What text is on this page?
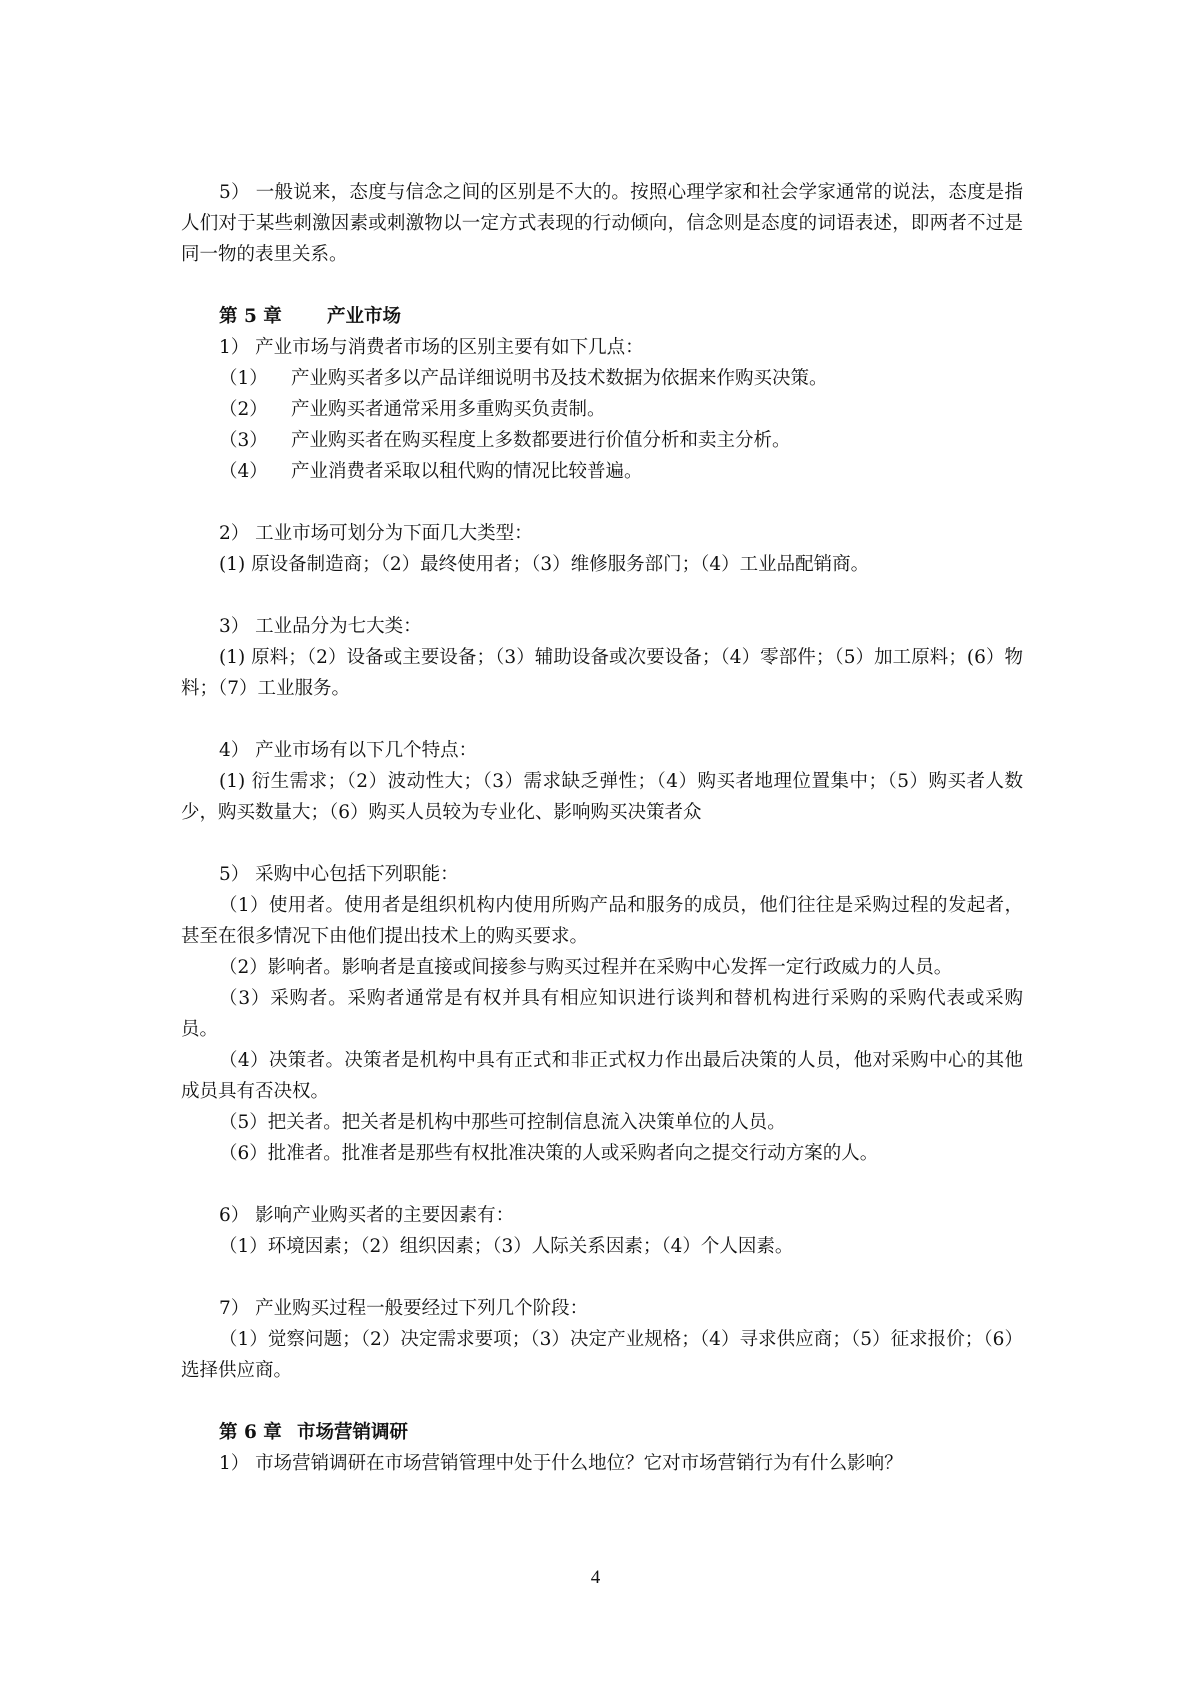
5） 一般说来，态度与信念之间的区别是不大的。按照心理学家和社会学家通常的说法，态度是指人们对于某些刺激因素或刺激物以一定方式表现的行动倾向，信念则是态度的词语表述，即两者不过是同一物的表里关系。

第 5 章 产业市场

1） 产业市场与消费者市场的区别主要有如下几点：

（1） 产业购买者多以产品详细说明书及技术数据为依据来作购买决策。
（2） 产业购买者通常采用多重购买负责制。
（3） 产业购买者在购买程度上多数都要进行价值分析和卖主分析。
（4） 产业消费者采取以租代购的情况比较普遍。

2） 工业市场可划分为下面几大类型：

(1) 原设备制造商；（2）最终使用者；（3）维修服务部门；（4）工业品配销商。

3） 工业品分为七大类：

(1) 原料；（2）设备或主要设备；（3）辅助设备或次要设备；（4）零部件；（5）加工原料；(6）物料；（7）工业服务。

4） 产业市场有以下几个特点：

(1) 衍生需求；（2）波动性大；（3）需求缺乏弹性；（4）购买者地理位置集中；（5）购买者人数少，购买数量大；（6）购买人员较为专业化、影响购买决策者众

5） 采购中心包括下列职能：

（1）使用者。使用者是组织机构内使用所购产品和服务的成员，他们往往是采购过程的发起者，甚至在很多情况下由他们提出技术上的购买要求。

（2）影响者。影响者是直接或间接参与购买过程并在采购中心发挥一定行政威力的人员。

（3）采购者。采购者通常是有权并具有相应知识进行谈判和替机构进行采购的采购代表或采购员。

（4）决策者。决策者是机构中具有正式和非正式权力作出最后决策的人员，他对采购中心的其他成员具有否决权。

（5）把关者。把关者是机构中那些可控制信息流入决策单位的人员。

（6）批准者。批准者是那些有权批准决策的人或采购者向之提交行动方案的人。

6） 影响产业购买者的主要因素有：

（1）环境因素；（2）组织因素；（3）人际关系因素；（4）个人因素。

7） 产业购买过程一般要经过下列几个阶段：

（1）觉察问题；（2）决定需求要项；（3）决定产业规格；（4）寻求供应商；（5）征求报价；（6）选择供应商。

第 6 章 市场营销调研

1） 市场营销调研在市场营销管理中处于什么地位？它对市场营销行为有什么影响？

4
